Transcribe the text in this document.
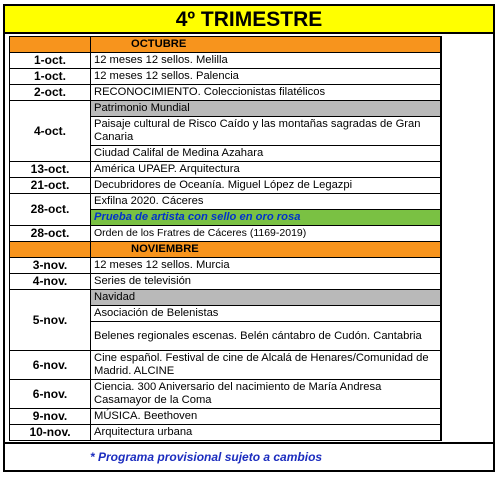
4º TRIMESTRE
	OCTUBRE
1-oct.	12 meses 12 sellos. Melilla
1-oct.	12 meses 12 sellos. Palencia
2-oct.	RECONOCIMIENTO. Coleccionistas filatélicos
4-oct.	Patrimonio Mundial
	Paisaje cultural de Risco Caído y las montañas sagradas de Gran Canaria
	Ciudad Califal de Medina Azahara
13-oct.	América UPAEP. Arquitectura
21-oct.	Decubridores de Oceanía. Miguel López de Legazpi
28-oct.	Exfilna 2020. Cáceres
	Prueba de artista con sello en oro rosa
28-oct.	Orden de los Fratres de Cáceres (1169-2019)
	NOVIEMBRE
3-nov.	12 meses 12 sellos. Murcia
4-nov.	Series de televisión
5-nov.	Navidad
	Asociación de Belenistas
	Belenes regionales escenas. Belén cántabro de Cudón. Cantabria
6-nov.	Cine español. Festival de cine de Alcalá de Henares/Comunidad de Madrid. ALCINE
6-nov.	Ciencia. 300 Aniversario del nacimiento de María Andresa Casamayor de la Coma
9-nov.	MÚSICA. Beethoven
10-nov.	Arquitectura urbana
* Programa provisional sujeto a cambios
